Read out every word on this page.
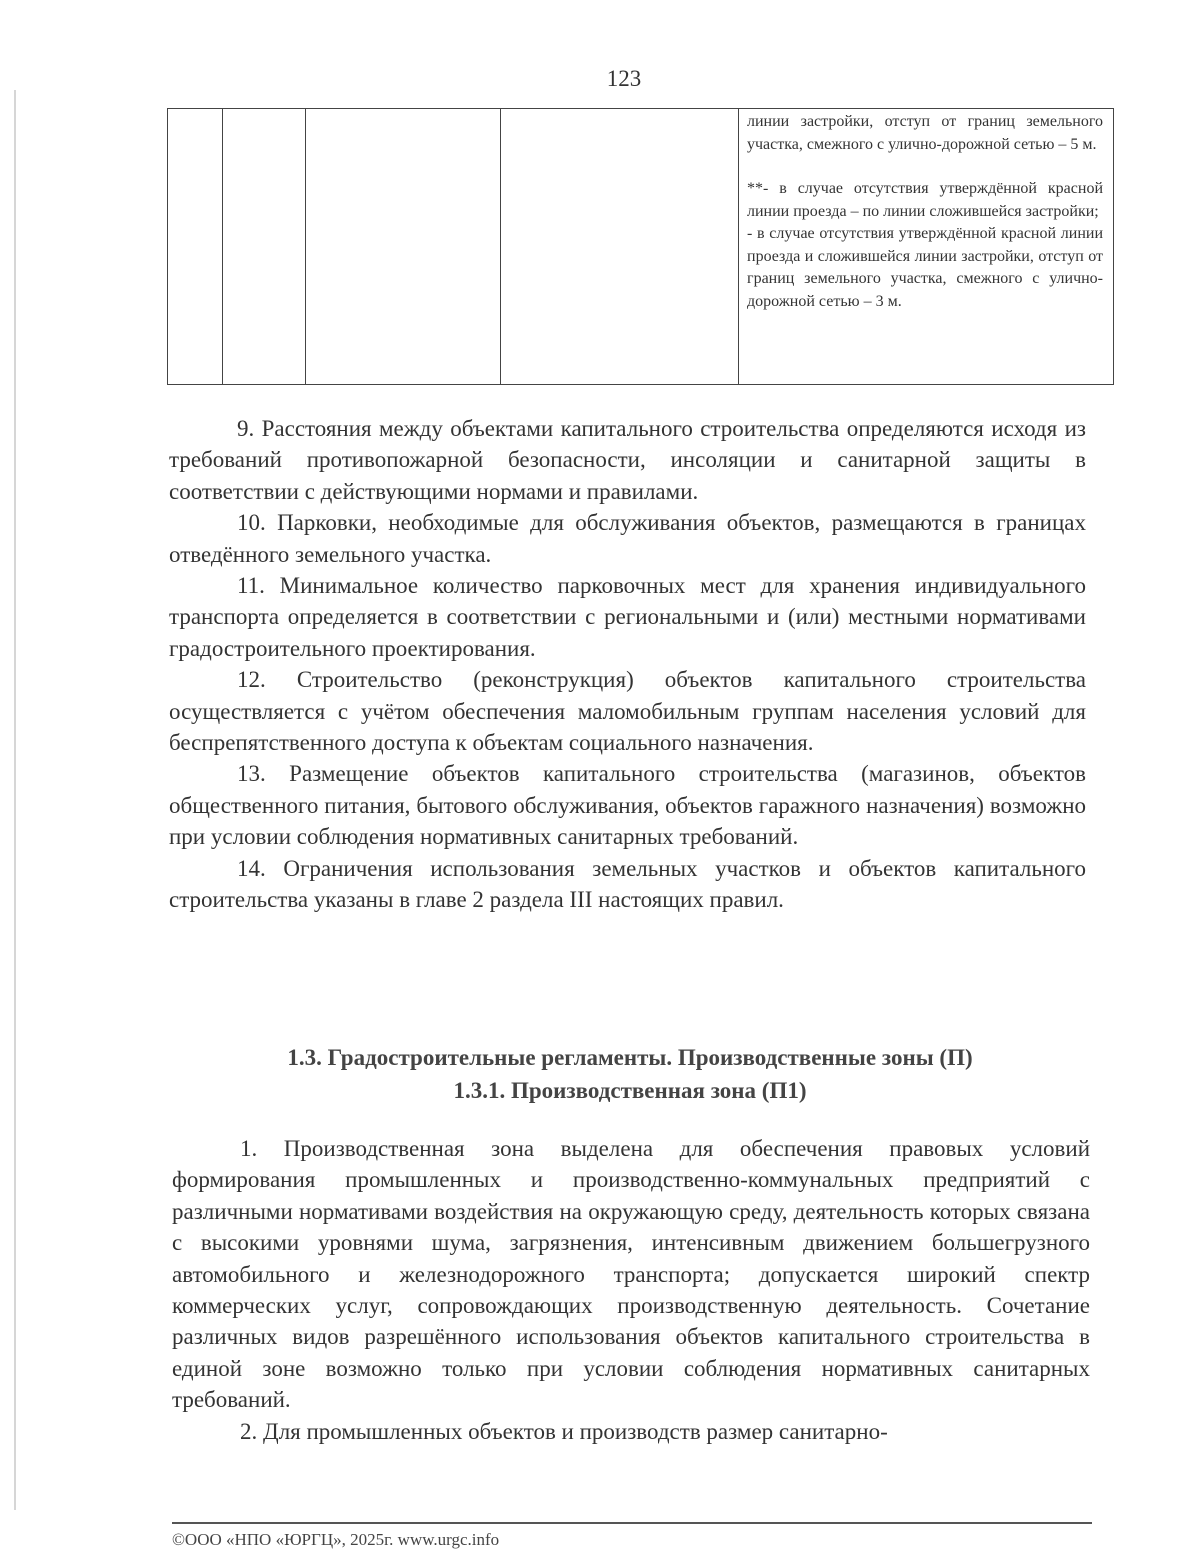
123

линии застройки, отступ от границ земельного участка, смежного с улично-дорожной сетью – 5 м.

**- в случае отсутствия утверждённой красной линии проезда – по линии сложившейся застройки;

- в случае отсутствия утверждённой красной линии проезда и сложившейся линии застройки, отступ от границ земельного участка, смежного с улично-дорожной сетью – 3 м.

9. Расстояния между объектами капитального строительства определяются исходя из требований противопожарной безопасности, инсоляции и санитарной защиты в соответствии с действующими нормами и правилами.

10. Парковки, необходимые для обслуживания объектов, размещаются в границах отведённого земельного участка.

11. Минимальное количество парковочных мест для хранения индивидуального транспорта определяется в соответствии с региональными и (или) местными нормативами градостроительного проектирования.

12. Строительство (реконструкция) объектов капитального строительства осуществляется с учётом обеспечения маломобильным группам населения условий для беспрепятственного доступа к объектам социального назначения.

13. Размещение объектов капитального строительства (магазинов, объектов общественного питания, бытового обслуживания, объектов гаражного назначения) возможно при условии соблюдения нормативных санитарных требований.

14. Ограничения использования земельных участков и объектов капитального строительства указаны в главе 2 раздела III настоящих правил.

1.3. Градостроительные регламенты. Производственные зоны (П)
1.3.1. Производственная зона (П1)

1. Производственная зона выделена для обеспечения правовых условий формирования промышленных и производственно-коммунальных предприятий с различными нормативами воздействия на окружающую среду, деятельность которых связана с высокими уровнями шума, загрязнения, интенсивным движением большегрузного автомобильного и железнодорожного транспорта; допускается широкий спектр коммерческих услуг, сопровождающих производственную деятельность. Сочетание различных видов разрешённого использования объектов капитального строительства в единой зоне возможно только при условии соблюдения нормативных санитарных требований.

2. Для промышленных объектов и производств размер санитарно-

©ООО «НПО «ЮРГЦ», 2025г. www.urgc.info
